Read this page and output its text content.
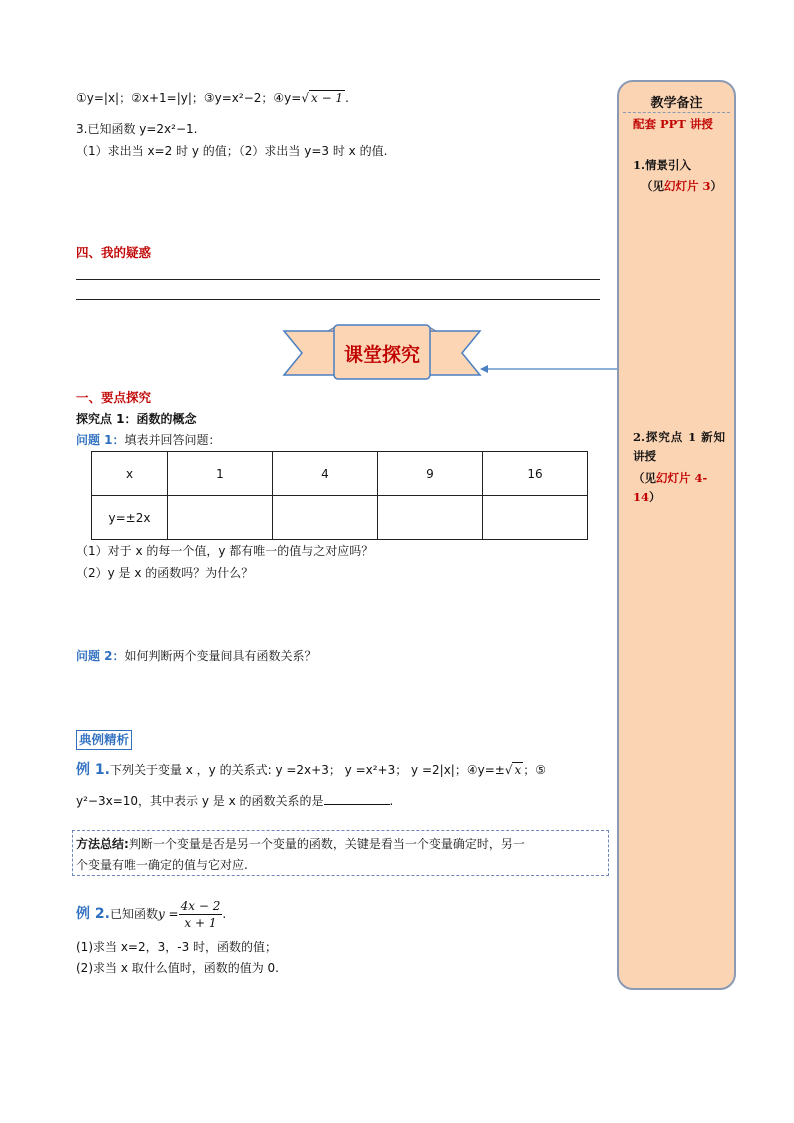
①y=|x|；②x+1=|y|；③y=x²−2；④y=√ x − 1 .
3.已知函数 y=2x²−1.
（1）求出当 x=2 时 y 的值；（2）求出当 y=3 时 x 的值.
四、我的疑惑
课堂探究
一、要点探究
探究点 1：函数的概念
问题 1：填表并回答问题：
x	1	4	9	16
y=±2x				
（1）对于 x 的每一个值，y 都有唯一的值与之对应吗？
（2）y 是 x 的函数吗？为什么？
问题 2：如何判断两个变量间具有函数关系？
典例精析
例 1.下列关于变量 x ，y 的关系式: y =2x+3； y =x²+3； y =2|x|；④y=±√ x ；⑤
y²−3x=10，其中表示 y 是 x 的函数关系的是	.
方法总结:判断一个变量是否是另一个变量的函数，关键是看当一个变量确定时，另一
个变量有唯一确定的值与它对应.
例 2.已知函数$y = \frac{4x - 2}{x + 1}$ .
(1)求当 x=2，3，-3 时，函数的值；
(2)求当 x 取什么值时，函数的值为 0.
教学备注
配套 PPT 讲授
1.情景引入
（见幻灯片 3）
2.探究点 1 新知讲授
（见幻灯片 4-14）
